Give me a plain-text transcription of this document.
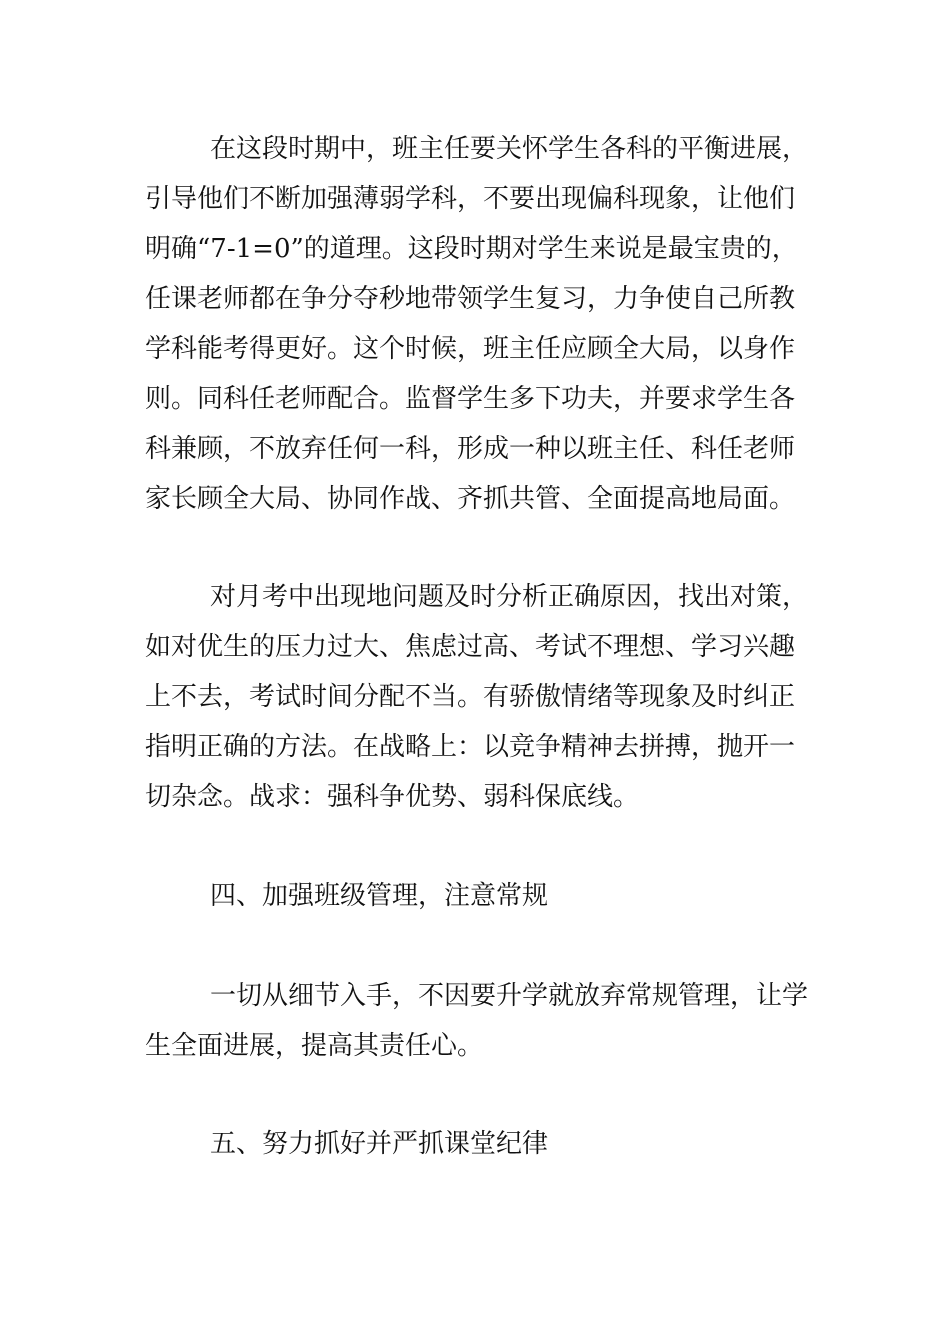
在这段时期中，班主任要关怀学生各科的平衡进展，
引导他们不断加强薄弱学科，不要出现偏科现象，让他们
明确“7-1=0”的道理。这段时期对学生来说是最宝贵的，
任课老师都在争分夺秒地带领学生复习，力争使自己所教
学科能考得更好。这个时候，班主任应顾全大局，以身作
则。同科任老师配合。监督学生多下功夫，并要求学生各
科兼顾，不放弃任何一科，形成一种以班主任、科任老师
家长顾全大局、协同作战、齐抓共管、全面提高地局面。
对月考中出现地问题及时分析正确原因，找出对策，
如对优生的压力过大、焦虑过高、考试不理想、学习兴趣
上不去，考试时间分配不当。有骄傲情绪等现象及时纠正
指明正确的方法。在战略上：以竞争精神去拼搏，抛开一
切杂念。战求：强科争优势、弱科保底线。
四、加强班级管理，注意常规
一切从细节入手，不因要升学就放弃常规管理，让学
生全面进展，提高其责任心。
五、努力抓好并严抓课堂纪律
